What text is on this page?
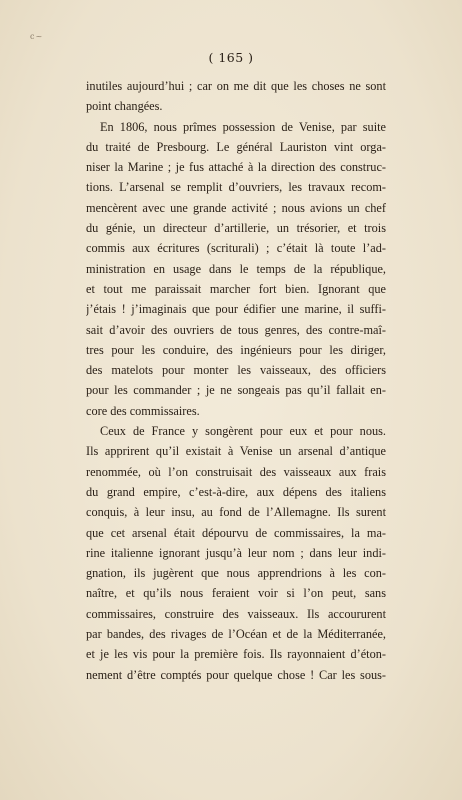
c~
( 165 )
inutiles aujourd’hui ; car on me dit que les choses ne sont
point changées.
En 1806, nous prîmes possession de Venise, par suite
du traité de Presbourg. Le général Lauriston vint orga-
niser la Marine ; je fus attaché à la direction des construc-
tions. L’arsenal se remplit d’ouvriers, les travaux recom-
mencèrent avec une grande activité ; nous avions un chef
du génie, un directeur d’artillerie, un trésorier, et trois
commis aux écritures (scriturali) ; c’était là toute l’ad-
ministration en usage dans le temps de la république,
et tout me paraissait marcher fort bien. Ignorant que
j’étais ! j’imaginais que pour édifier une marine, il suffi-
sait d’avoir des ouvriers de tous genres, des contre-maî-
tres pour les conduire, des ingénieurs pour les diriger,
des matelots pour monter les vaisseaux, des officiers
pour les commander ; je ne songeais pas qu’il fallait en-
core des commissaires.
Ceux de France y songèrent pour eux et pour nous.
Ils apprirent qu’il existait à Venise un arsenal d’antique
renommée, où l’on construisait des vaisseaux aux frais
du grand empire, c’est-à-dire, aux dépens des italiens
conquis, à leur insu, au fond de l’Allemagne. Ils surent
que cet arsenal était dépourvu de commissaires, la ma-
rine italienne ignorant jusqu’à leur nom ; dans leur indi-
gnation, ils jugèrent que nous apprendrions à les con-
naître, et qu’ils nous feraient voir si l’on peut, sans
commissaires, construire des vaisseaux. Ils accoururent
par bandes, des rivages de l’Océan et de la Méditerranée,
et je les vis pour la première fois. Ils rayonnaient d’éton-
nement d’être comptés pour quelque chose ! Car les sous-
